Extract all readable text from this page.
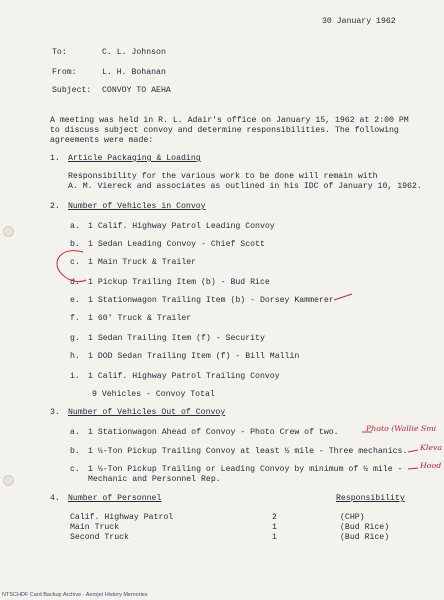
30 January 1962
To:	C. L. Johnson
From:	L. H. Bohanan
Subject: CONVOY TO AEHA
A meeting was held in R. L. Adair's office on January 15, 1962 at 2:00 PM
to discuss subject convoy and determine responsibilities. The following
agreements were made:
1. Article Packaging & Loading
Responsibility for the various work to be done will remain with
A. M. Viereck and associates as outlined in his IDC of January 10, 1962.
2. Number of Vehicles in Convoy
a. 1 Calif. Highway Patrol Leading Convoy
b. 1 Sedan Leading Convoy - Chief Scott
c. 1 Main Truck & Trailer
d. 1 Pickup Trailing Item (b) - Bud Rice
e. 1 Stationwagon Trailing Item (b) - Dorsey Kammerer
f. 1 60' Truck & Trailer
g. 1 Sedan Trailing Item (f) - Security
h. 1 DOD Sedan Trailing Item (f) - Bill Mallin
i. 1 Calif. Highway Patrol Trailing Convoy
9 Vehicles - Convoy Total
3. Number of Vehicles Out of Convoy
a. 1 Stationwagon Ahead of Convoy - Photo Crew of two.
b. 1 ½-Ton Pickup Trailing Convoy at least ½ mile - Three mechanics.
c. 1 ½-Ton Pickup Trailing or Leading Convoy by minimum of ½ mile -
Mechanic and Personnel Rep.
4. Number of Personnel	Responsibility
Calif. Highway Patrol	2	(CHP)
Main Truck	1	(Bud Rice)
Second Truck	1	(Bud Rice)
Photo (Wallie Smi
Kleva
Hood
NTSCHDF Card Backup Archive - Aerojet History Memories
